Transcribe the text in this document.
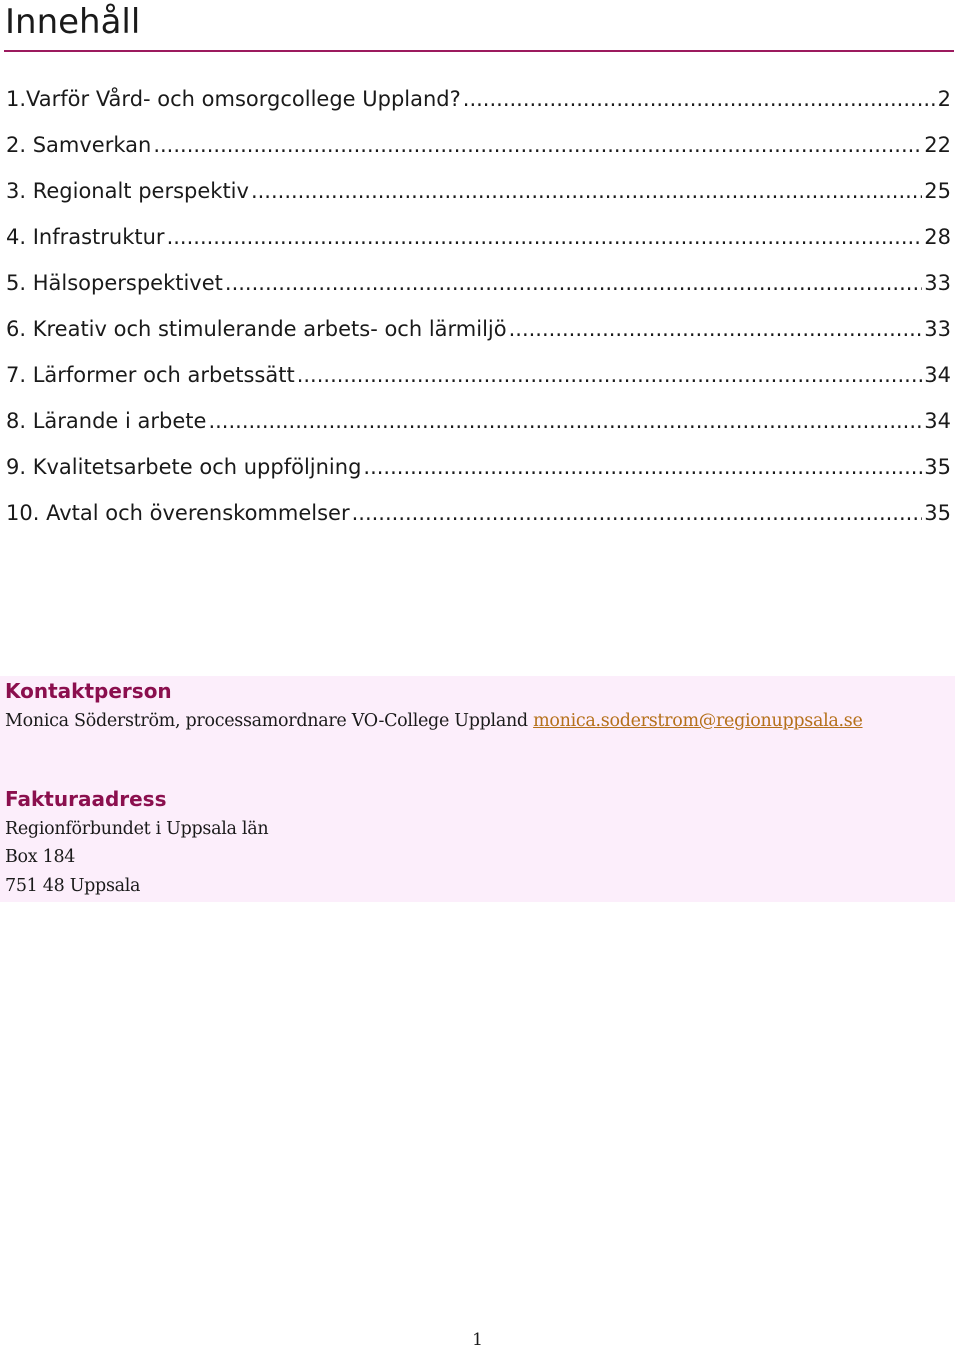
Innehåll
1.Varför Vård- och omsorgcollege Uppland? .....	2
2. Samverkan .....	22
3. Regionalt perspektiv .....	25
4. Infrastruktur .....	28
5. Hälsoperspektivet .....	33
6. Kreativ och stimulerande arbets- och lärmiljö .....	33
7. Lärformer och arbetssätt .....	34
8. Lärande i arbete .....	34
9. Kvalitetsarbete och uppföljning .....	35
10. Avtal och överenskommelser .....	35
Kontaktperson
Monica Söderström, processamordnare VO-College Uppland monica.soderstrom@regionuppsala.se
Fakturaadress
Regionförbundet i Uppsala län
Box 184
751 48 Uppsala
1
